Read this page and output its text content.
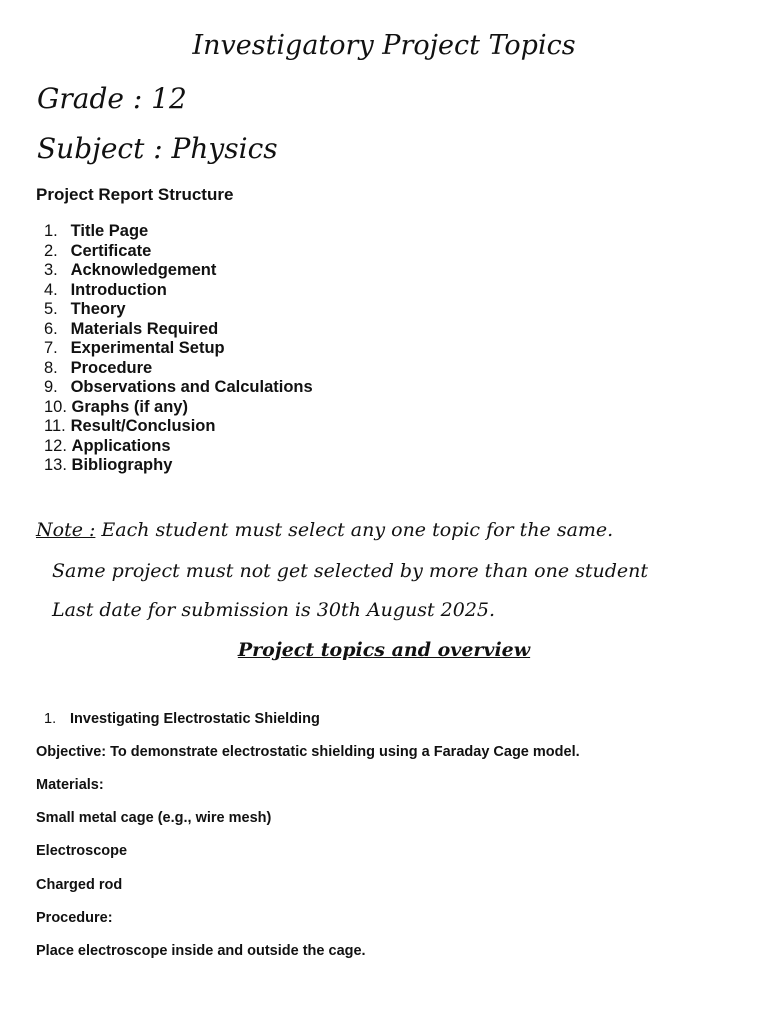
Investigatory Project Topics
Grade : 12
Subject : Physics
Project Report Structure
1. Title Page
2. Certificate
3. Acknowledgement
4. Introduction
5. Theory
6. Materials Required
7. Experimental Setup
8. Procedure
9. Observations and Calculations
10. Graphs (if any)
11. Result/Conclusion
12. Applications
13. Bibliography
Note : Each student must select any one topic for the same.
Same project must not get selected by more than one student
Last date for submission is 30th August 2025.
Project topics and overview
1. Investigating Electrostatic Shielding
Objective: To demonstrate electrostatic shielding using a Faraday Cage model.
Materials:
Small metal cage (e.g., wire mesh)
Electroscope
Charged rod
Procedure:
Place electroscope inside and outside the cage.
